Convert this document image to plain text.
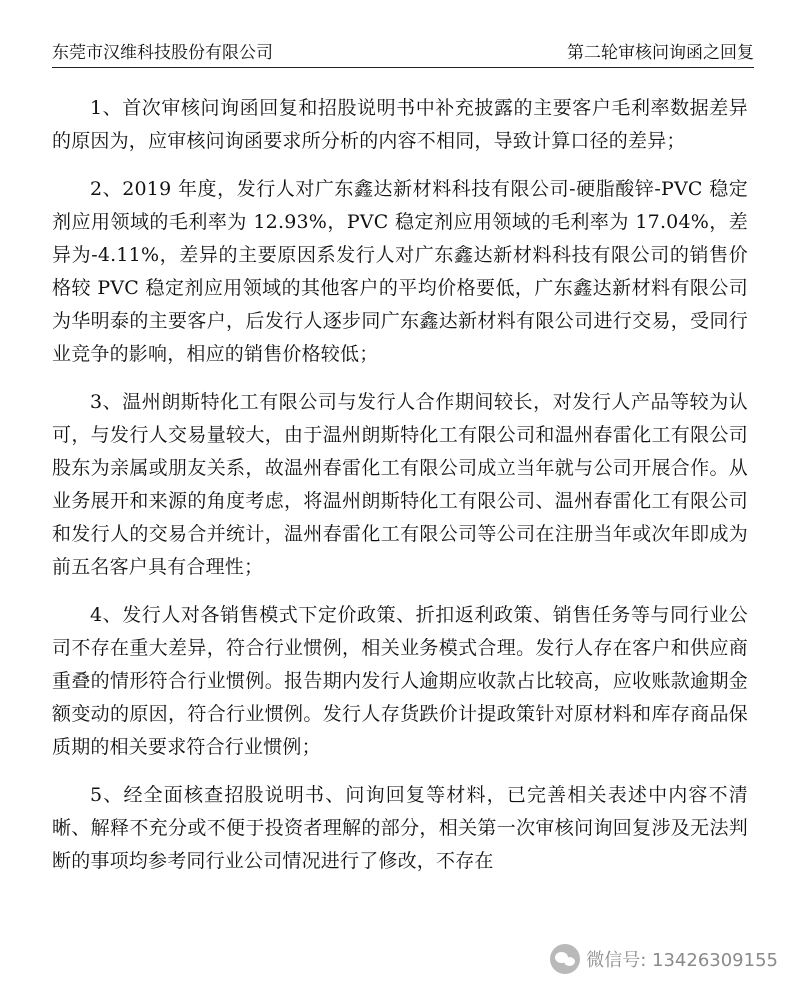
东莞市汉维科技股份有限公司	第二轮审核问询函之回复

1、首次审核问询函回复和招股说明书中补充披露的主要客户毛利率数据差异的原因为，应审核问询函要求所分析的内容不相同，导致计算口径的差异；

2、2019 年度，发行人对广东鑫达新材料科技有限公司-硬脂酸锌-PVC 稳定剂应用领域的毛利率为 12.93%，PVC 稳定剂应用领域的毛利率为 17.04%，差异为-4.11%，差异的主要原因系发行人对广东鑫达新材料科技有限公司的销售价格较 PVC 稳定剂应用领域的其他客户的平均价格要低，广东鑫达新材料有限公司为华明泰的主要客户，后发行人逐步同广东鑫达新材料有限公司进行交易，受同行业竞争的影响，相应的销售价格较低；

3、温州朗斯特化工有限公司与发行人合作期间较长，对发行人产品等较为认可，与发行人交易量较大，由于温州朗斯特化工有限公司和温州春雷化工有限公司股东为亲属或朋友关系，故温州春雷化工有限公司成立当年就与公司开展合作。从业务展开和来源的角度考虑，将温州朗斯特化工有限公司、温州春雷化工有限公司和发行人的交易合并统计，温州春雷化工有限公司等公司在注册当年或次年即成为前五名客户具有合理性；

4、发行人对各销售模式下定价政策、折扣返利政策、销售任务等与同行业公司不存在重大差异，符合行业惯例，相关业务模式合理。发行人存在客户和供应商重叠的情形符合行业惯例。报告期内发行人逾期应收款占比较高，应收账款逾期金额变动的原因，符合行业惯例。发行人存货跌价计提政策针对原材料和库存商品保质期的相关要求符合行业惯例；

5、经全面核查招股说明书、问询回复等材料，已完善相关表述中内容不清晰、解释不充分或不便于投资者理解的部分，相关第一次审核问询回复涉及无法判断的事项均参考同行业公司情况进行了修改，不存在

微信号: 13426309155
